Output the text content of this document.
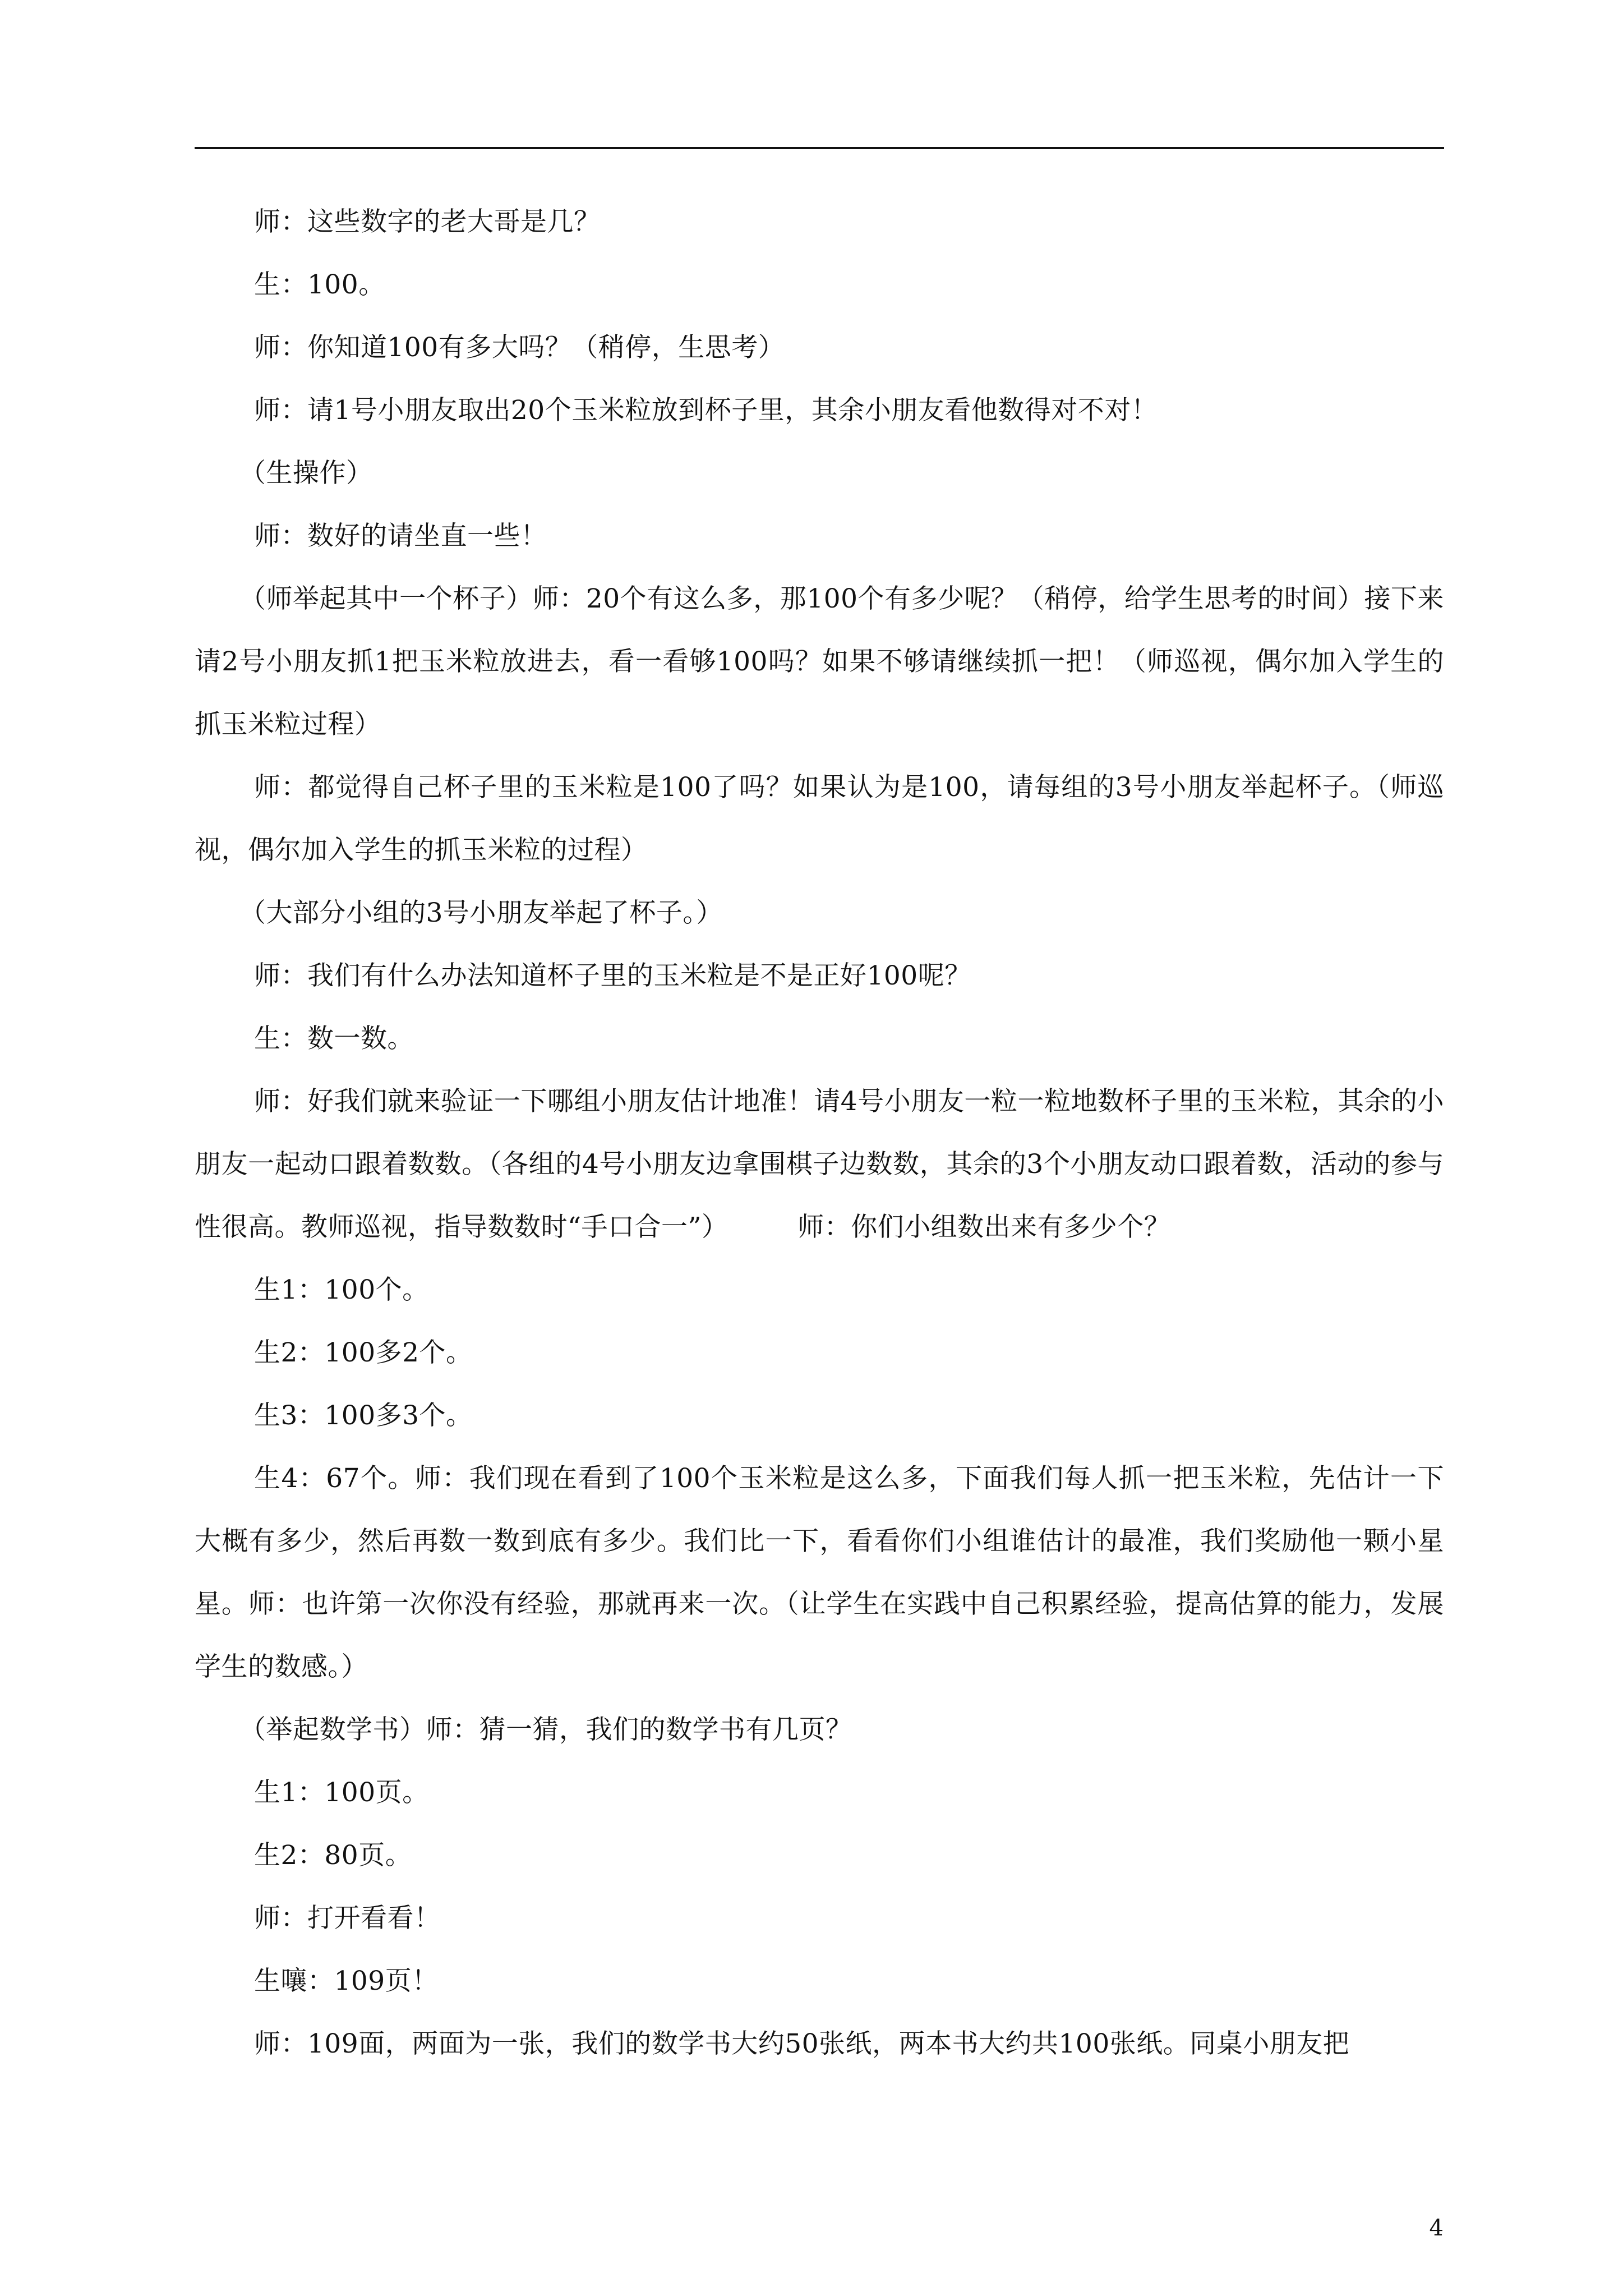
师：这些数字的老大哥是几？

生：100。

师：你知道100有多大吗？（稍停，生思考）

师：请1号小朋友取出20个玉米粒放到杯子里，其余小朋友看他数得对不对！

（生操作）

师：数好的请坐直一些！

（师举起其中一个杯子）师：20个有这么多，那100个有多少呢？（稍停，给学生思考的时间）接下来请2号小朋友抓1把玉米粒放进去，看一看够100吗？如果不够请继续抓一把！（师巡视，偶尔加入学生的抓玉米粒过程）

师：都觉得自己杯子里的玉米粒是100了吗？如果认为是100，请每组的3号小朋友举起杯子。（师巡视，偶尔加入学生的抓玉米粒的过程）

（大部分小组的3号小朋友举起了杯子。）

师：我们有什么办法知道杯子里的玉米粒是不是正好100呢？

生：数一数。

师：好我们就来验证一下哪组小朋友估计地准！请4号小朋友一粒一粒地数杯子里的玉米粒，其余的小朋友一起动口跟着数数。（各组的4号小朋友边拿围棋子边数数，其余的3个小朋友动口跟着数，活动的参与性很高。教师巡视，指导数数时“手口合一”）        师：你们小组数出来有多少个？

生1：100个。

生2：100多2个。

生3：100多3个。

生4：67个。师：我们现在看到了100个玉米粒是这么多，下面我们每人抓一把玉米粒，先估计一下大概有多少，然后再数一数到底有多少。我们比一下，看看你们小组谁估计的最准，我们奖励他一颗小星星。师：也许第一次你没有经验，那就再来一次。（让学生在实践中自己积累经验，提高估算的能力，发展学生的数感。）

（举起数学书）师：猜一猜，我们的数学书有几页？

生1：100页。

生2：80页。

师：打开看看！

生嚷：109页！

师：109面，两面为一张，我们的数学书大约50张纸，两本书大约共100张纸。同桌小朋友把

4
